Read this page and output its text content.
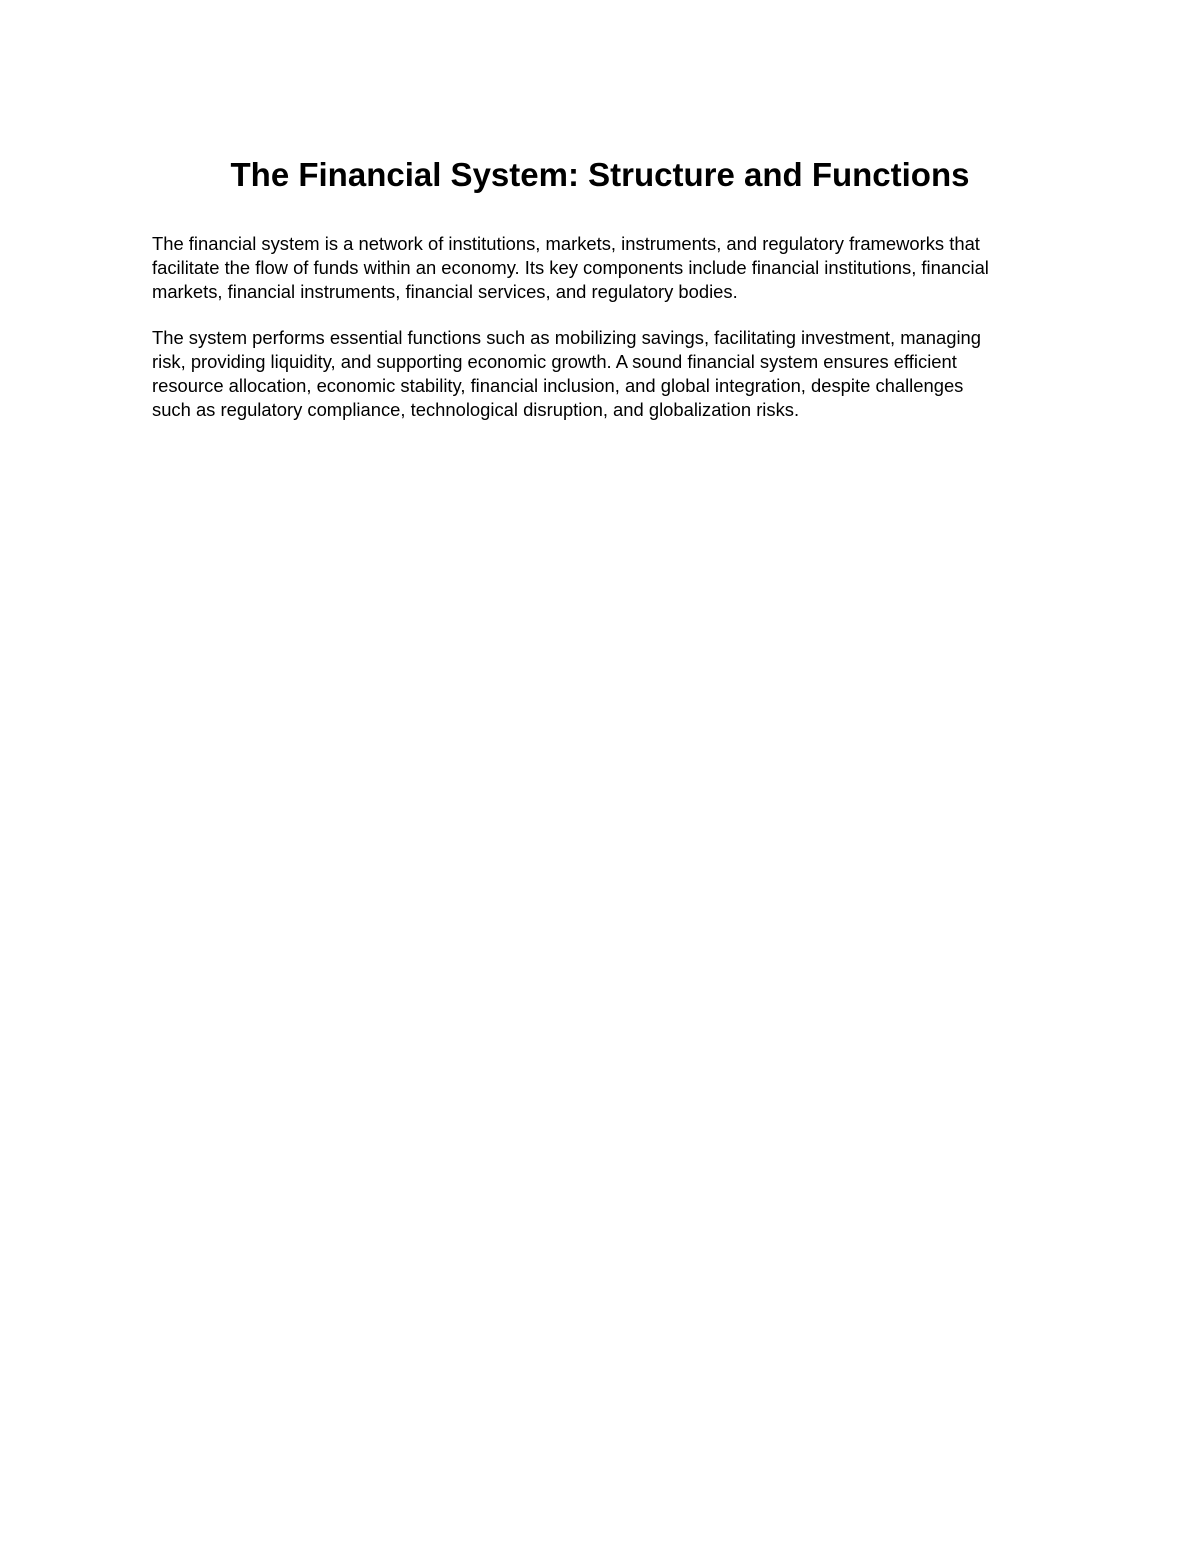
The Financial System: Structure and Functions

The financial system is a network of institutions, markets, instruments, and regulatory frameworks that
facilitate the flow of funds within an economy. Its key components include financial institutions, financial
markets, financial instruments, financial services, and regulatory bodies.

The system performs essential functions such as mobilizing savings, facilitating investment, managing
risk, providing liquidity, and supporting economic growth. A sound financial system ensures efficient
resource allocation, economic stability, financial inclusion, and global integration, despite challenges
such as regulatory compliance, technological disruption, and globalization risks.
